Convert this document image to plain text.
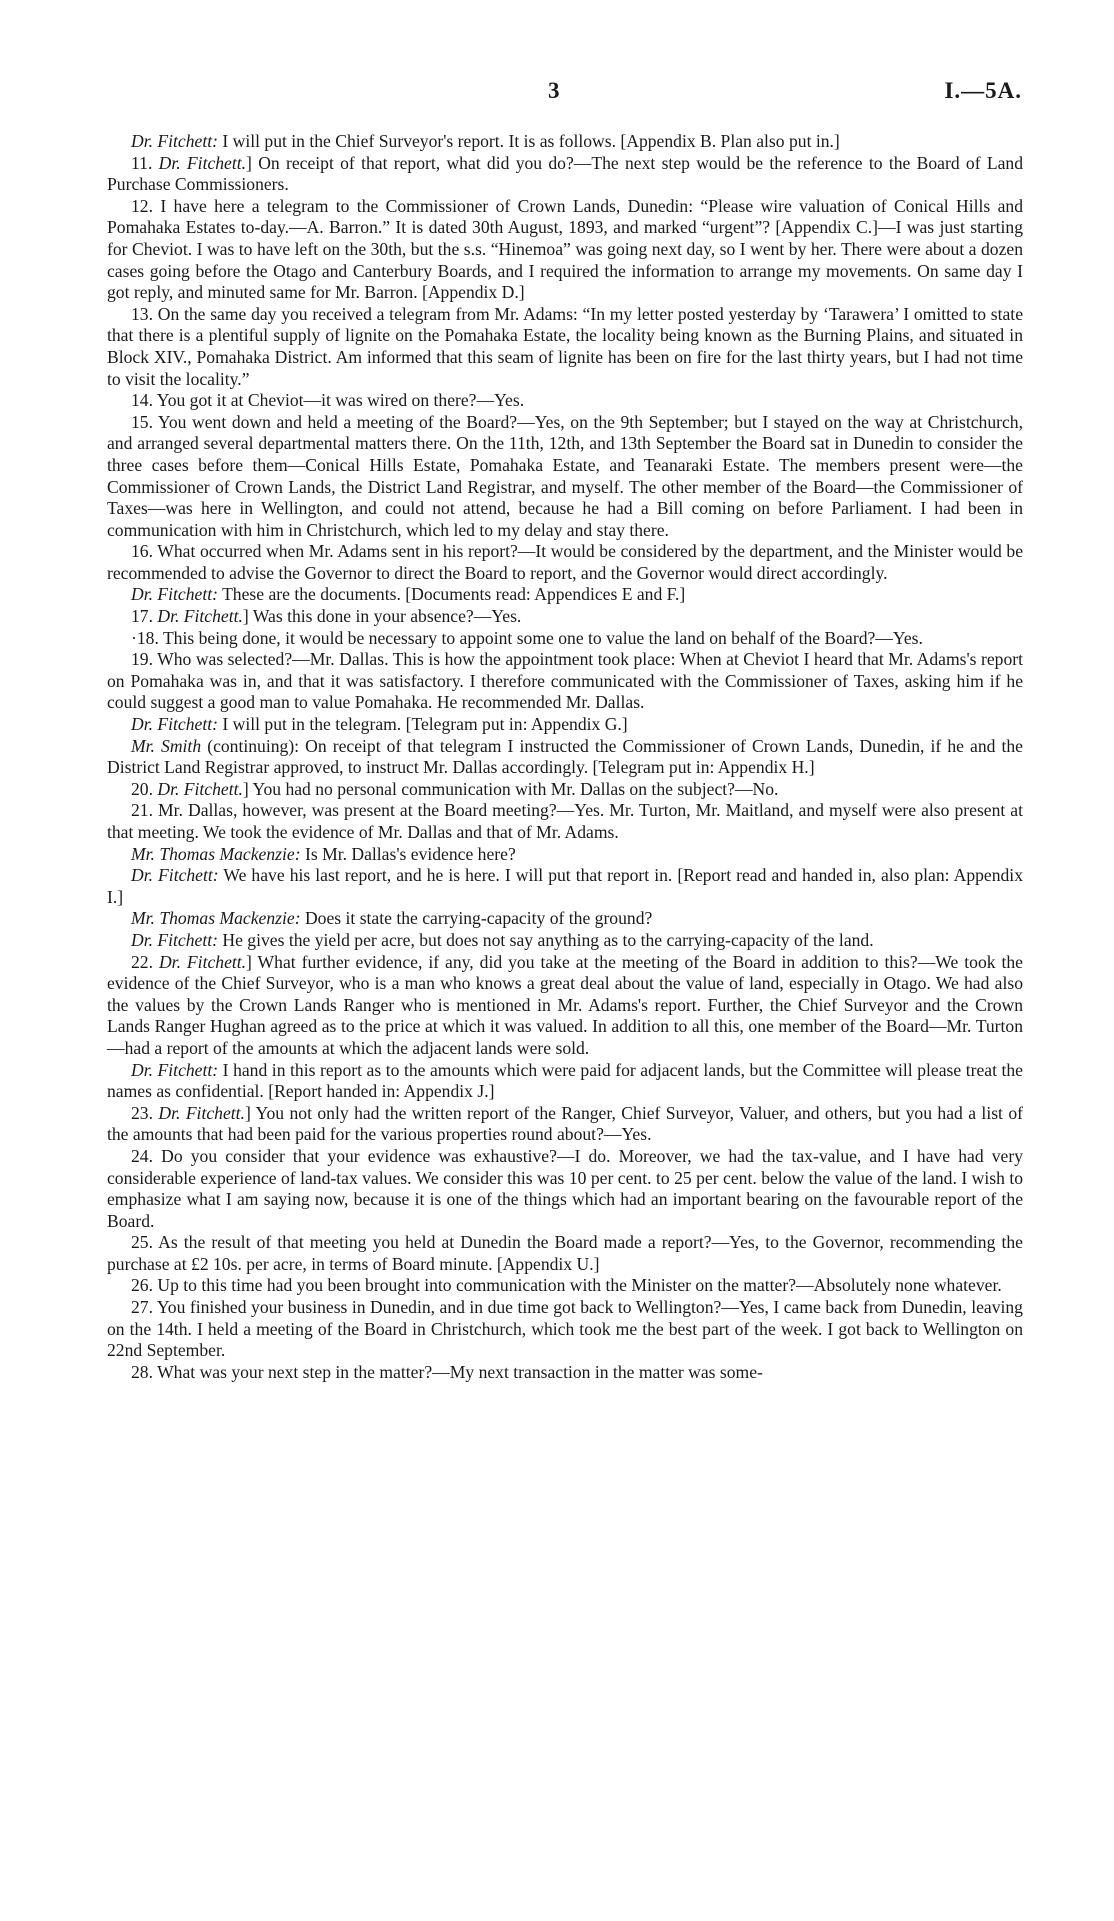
3	I.—5A.

Dr. Fitchett: I will put in the Chief Surveyor's report. It is as follows. [Appendix B. Plan also put in.]

11. Dr. Fitchett.] On receipt of that report, what did you do?—The next step would be the reference to the Board of Land Purchase Commissioners.

12. I have here a telegram to the Commissioner of Crown Lands, Dunedin: “Please wire valuation of Conical Hills and Pomahaka Estates to-day.—A. Barron.” It is dated 30th August, 1893, and marked “urgent”? [Appendix C.]—I was just starting for Cheviot. I was to have left on the 30th, but the s.s. “Hinemoa” was going next day, so I went by her. There were about a dozen cases going before the Otago and Canterbury Boards, and I required the information to arrange my movements. On same day I got reply, and minuted same for Mr. Barron. [Appendix D.]

13. On the same day you received a telegram from Mr. Adams: “In my letter posted yesterday by ‘Tarawera’ I omitted to state that there is a plentiful supply of lignite on the Pomahaka Estate, the locality being known as the Burning Plains, and situated in Block XIV., Pomahaka District. Am informed that this seam of lignite has been on fire for the last thirty years, but I had not time to visit the locality.”

14. You got it at Cheviot—it was wired on there?—Yes.

15. You went down and held a meeting of the Board?—Yes, on the 9th September; but I stayed on the way at Christchurch, and arranged several departmental matters there. On the 11th, 12th, and 13th September the Board sat in Dunedin to consider the three cases before them—Conical Hills Estate, Pomahaka Estate, and Teanaraki Estate. The members present were—the Commissioner of Crown Lands, the District Land Registrar, and myself. The other member of the Board—the Commissioner of Taxes—was here in Wellington, and could not attend, because he had a Bill coming on before Parliament. I had been in communication with him in Christchurch, which led to my delay and stay there.

16. What occurred when Mr. Adams sent in his report?—It would be considered by the department, and the Minister would be recommended to advise the Governor to direct the Board to report, and the Governor would direct accordingly.

Dr. Fitchett: These are the documents. [Documents read: Appendices E and F.]

17. Dr. Fitchett.] Was this done in your absence?—Yes.

·18. This being done, it would be necessary to appoint some one to value the land on behalf of the Board?—Yes.

19. Who was selected?—Mr. Dallas. This is how the appointment took place: When at Cheviot I heard that Mr. Adams's report on Pomahaka was in, and that it was satisfactory. I therefore communicated with the Commissioner of Taxes, asking him if he could suggest a good man to value Pomahaka. He recommended Mr. Dallas.

Dr. Fitchett: I will put in the telegram. [Telegram put in: Appendix G.]

Mr. Smith (continuing): On receipt of that telegram I instructed the Commissioner of Crown Lands, Dunedin, if he and the District Land Registrar approved, to instruct Mr. Dallas accordingly. [Telegram put in: Appendix H.]

20. Dr. Fitchett.] You had no personal communication with Mr. Dallas on the subject?—No.

21. Mr. Dallas, however, was present at the Board meeting?—Yes. Mr. Turton, Mr. Maitland, and myself were also present at that meeting. We took the evidence of Mr. Dallas and that of Mr. Adams.

Mr. Thomas Mackenzie: Is Mr. Dallas's evidence here?

Dr. Fitchett: We have his last report, and he is here. I will put that report in. [Report read and handed in, also plan: Appendix I.]

Mr. Thomas Mackenzie: Does it state the carrying-capacity of the ground?

Dr. Fitchett: He gives the yield per acre, but does not say anything as to the carrying-capacity of the land.

22. Dr. Fitchett.] What further evidence, if any, did you take at the meeting of the Board in addition to this?—We took the evidence of the Chief Surveyor, who is a man who knows a great deal about the value of land, especially in Otago. We had also the values by the Crown Lands Ranger who is mentioned in Mr. Adams's report. Further, the Chief Surveyor and the Crown Lands Ranger Hughan agreed as to the price at which it was valued. In addition to all this, one member of the Board—Mr. Turton—had a report of the amounts at which the adjacent lands were sold.

Dr. Fitchett: I hand in this report as to the amounts which were paid for adjacent lands, but the Committee will please treat the names as confidential. [Report handed in: Appendix J.]

23. Dr. Fitchett.] You not only had the written report of the Ranger, Chief Surveyor, Valuer, and others, but you had a list of the amounts that had been paid for the various properties round about?—Yes.

24. Do you consider that your evidence was exhaustive?—I do. Moreover, we had the tax-value, and I have had very considerable experience of land-tax values. We consider this was 10 per cent. to 25 per cent. below the value of the land. I wish to emphasize what I am saying now, because it is one of the things which had an important bearing on the favourable report of the Board.

25. As the result of that meeting you held at Dunedin the Board made a report?—Yes, to the Governor, recommending the purchase at £2 10s. per acre, in terms of Board minute. [Appendix U.]

26. Up to this time had you been brought into communication with the Minister on the matter?—Absolutely none whatever.

27. You finished your business in Dunedin, and in due time got back to Wellington?—Yes, I came back from Dunedin, leaving on the 14th. I held a meeting of the Board in Christchurch, which took me the best part of the week. I got back to Wellington on 22nd September.

28. What was your next step in the matter?—My next transaction in the matter was some-
